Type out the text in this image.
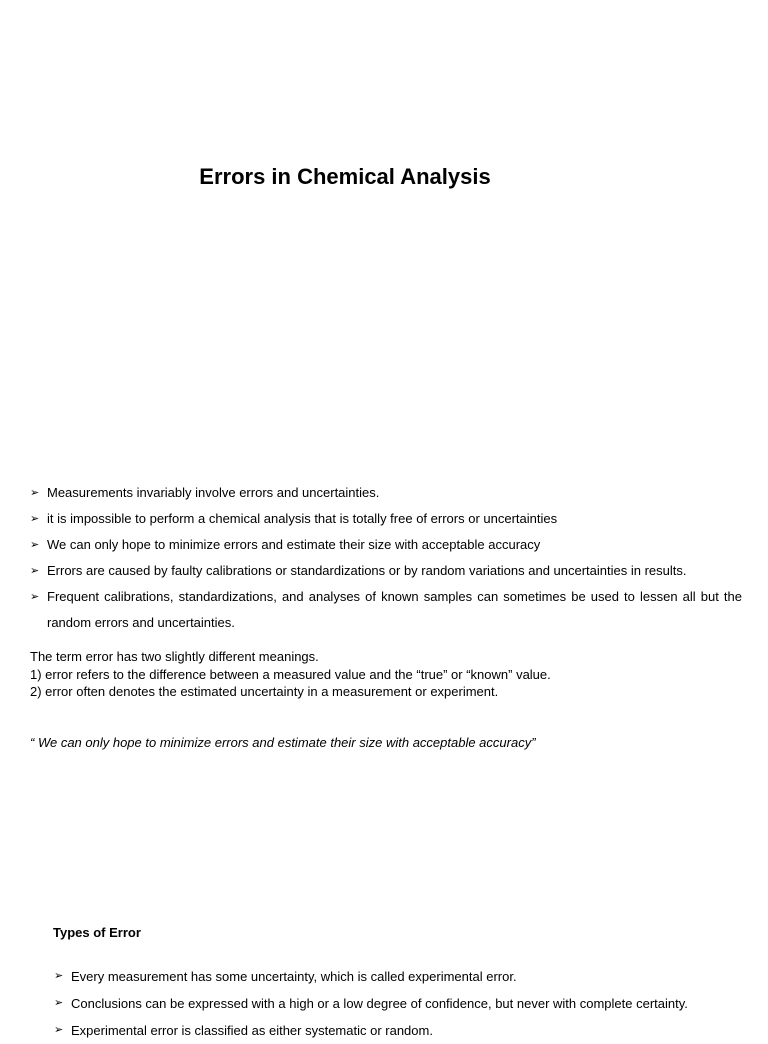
Errors in Chemical Analysis
➢ Measurements invariably involve errors and uncertainties.
➢ it is impossible to perform a chemical analysis that is totally free of errors or uncertainties
➢ We can only hope to minimize errors and estimate their size with acceptable accuracy
➢ Errors are caused by faulty calibrations or standardizations or by random variations and uncertainties in results.
➢ Frequent calibrations, standardizations, and analyses of known samples can sometimes be used to lessen all but the random errors and uncertainties.
The term error has two slightly different meanings.
1) error refers to the difference between a measured value and the “true” or “known” value.
2) error often denotes the estimated uncertainty in a measurement or experiment.
“ We can only hope to minimize errors and estimate their size with acceptable accuracy”
Types of Error
➢ Every measurement has some uncertainty, which is called experimental error.
➢ Conclusions can be expressed with a high or a low degree of confidence, but never with complete certainty.
➢ Experimental error is classified as either systematic or random.
